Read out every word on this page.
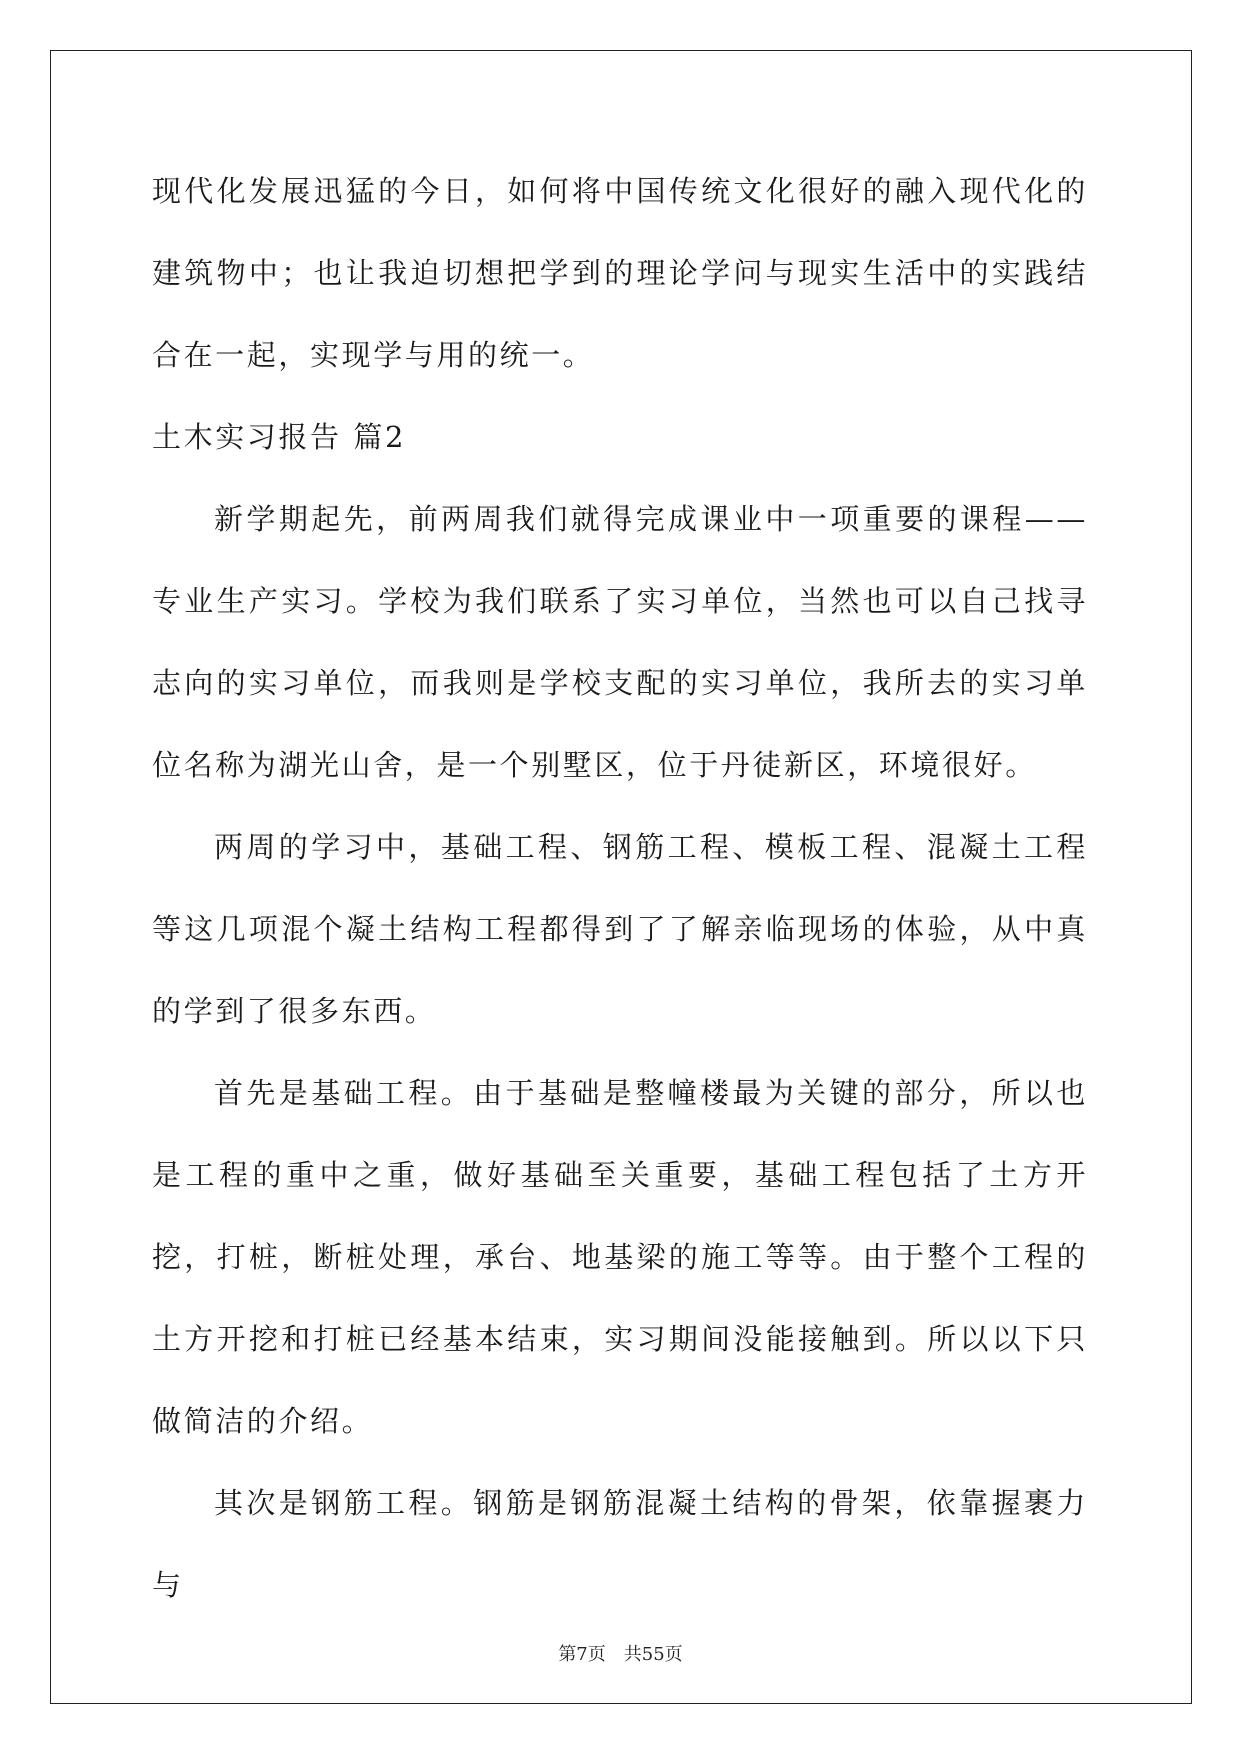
现代化发展迅猛的今日，如何将中国传统文化很好的融入现代化的建筑物中；也让我迫切想把学到的理论学问与现实生活中的实践结合在一起，实现学与用的统一。

土木实习报告 篇2

新学期起先，前两周我们就得完成课业中一项重要的课程——专业生产实习。学校为我们联系了实习单位，当然也可以自己找寻志向的实习单位，而我则是学校支配的实习单位，我所去的实习单位名称为湖光山舍，是一个别墅区，位于丹徒新区，环境很好。

两周的学习中，基础工程、钢筋工程、模板工程、混凝土工程等这几项混个凝土结构工程都得到了了解亲临现场的体验，从中真的学到了很多东西。

首先是基础工程。由于基础是整幢楼最为关键的部分，所以也是工程的重中之重，做好基础至关重要，基础工程包括了土方开挖，打桩，断桩处理，承台、地基梁的施工等等。由于整个工程的土方开挖和打桩已经基本结束，实习期间没能接触到。所以以下只做简洁的介绍。

其次是钢筋工程。钢筋是钢筋混凝土结构的骨架，依靠握裹力与

第7页　共55页
